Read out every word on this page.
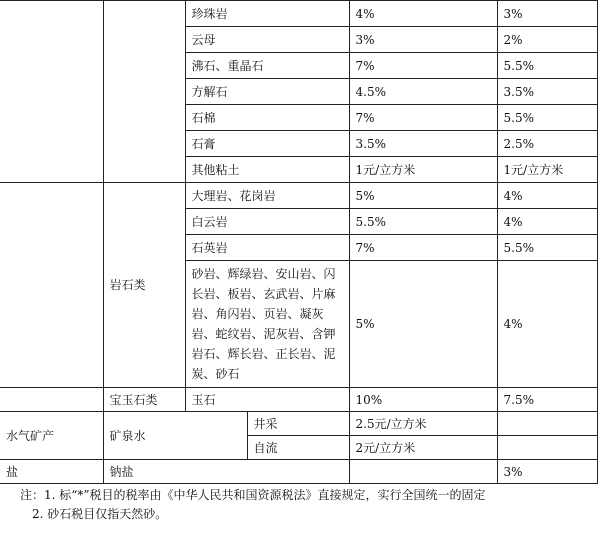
		珍珠岩		4%	3%
		云母		3%	2%
		沸石、重晶石		7%	5.5%
		方解石		4.5%	3.5%
		石棉		7%	5.5%
		石膏		3.5%	2.5%
		其他粘土		1元/立方米	1元/立方米
	岩石类	大理岩、花岗岩		5%	4%
		白云岩		5.5%	4%
		石英岩		7%	5.5%
		砂岩、辉绿岩、安山岩、闪长岩、板岩、玄武岩、片麻岩、角闪岩、页岩、凝灰岩、蛇纹岩、泥灰岩、含钾岩石、辉长岩、正长岩、泥炭、砂石		5%	4%
	宝玉石类	玉石		10%	7.5%
水气矿产	矿泉水		井采	2.5元/立方米	
			自流	2元/立方米	
盐	钠盐				3%
注：1. 标“*”税目的税率由《中华人民共和国资源税法》直接规定，实行全国统一的固定
2. 砂石税目仅指天然砂。
